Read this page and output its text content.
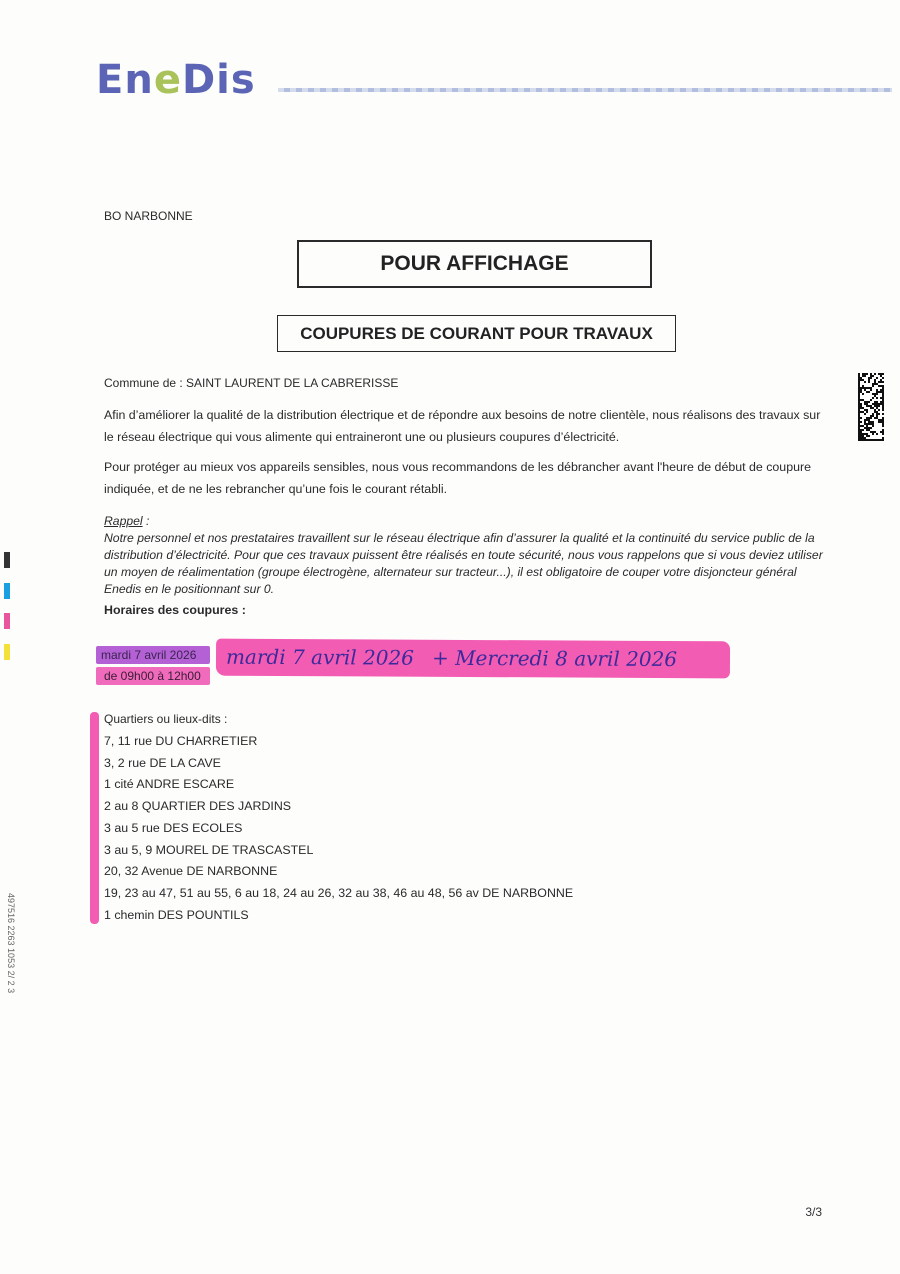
EneDis
BO NARBONNE
POUR AFFICHAGE
COUPURES DE COURANT POUR TRAVAUX
Commune de : SAINT LAURENT DE LA CABRERISSE
Afin d’améliorer la qualité de la distribution électrique et de répondre aux besoins de notre clientèle, nous réalisons des travaux sur le réseau électrique qui vous alimente qui entraineront une ou plusieurs coupures d’électricité.
Pour protéger au mieux vos appareils sensibles, nous vous recommandons de les débrancher avant l'heure de début de coupure indiquée, et de ne les rebrancher qu’une fois le courant rétabli.
Rappel :
Notre personnel et nos prestataires travaillent sur le réseau électrique afin d’assurer la qualité et la continuité du service public de la distribution d’électricité. Pour que ces travaux puissent être réalisés en toute sécurité, nous vous rappelons que si vous deviez utiliser un moyen de réalimentation (groupe électrogène, alternateur sur tracteur...), il est obligatoire de couper votre disjoncteur général Enedis en le positionnant sur 0.
Horaires des coupures :
mardi 7 avril 2026
de 09h00 à 12h00
mardi 7 avril 2026 + Mercredi 8 avril 2026
Quartiers ou lieux-dits :
7, 11 rue DU CHARRETIER
3, 2 rue DE LA CAVE
1 cité ANDRE ESCARE
2 au 8 QUARTIER DES JARDINS
3 au 5 rue DES ECOLES
3 au 5, 9 MOUREL DE TRASCASTEL
20, 32 Avenue DE NARBONNE
19, 23 au 47, 51 au 55, 6 au 18, 24 au 26, 32 au 38, 46 au 48, 56 av DE NARBONNE
1 chemin DES POUNTILS
497516 2263 1053 2/ 2 3
3/3
